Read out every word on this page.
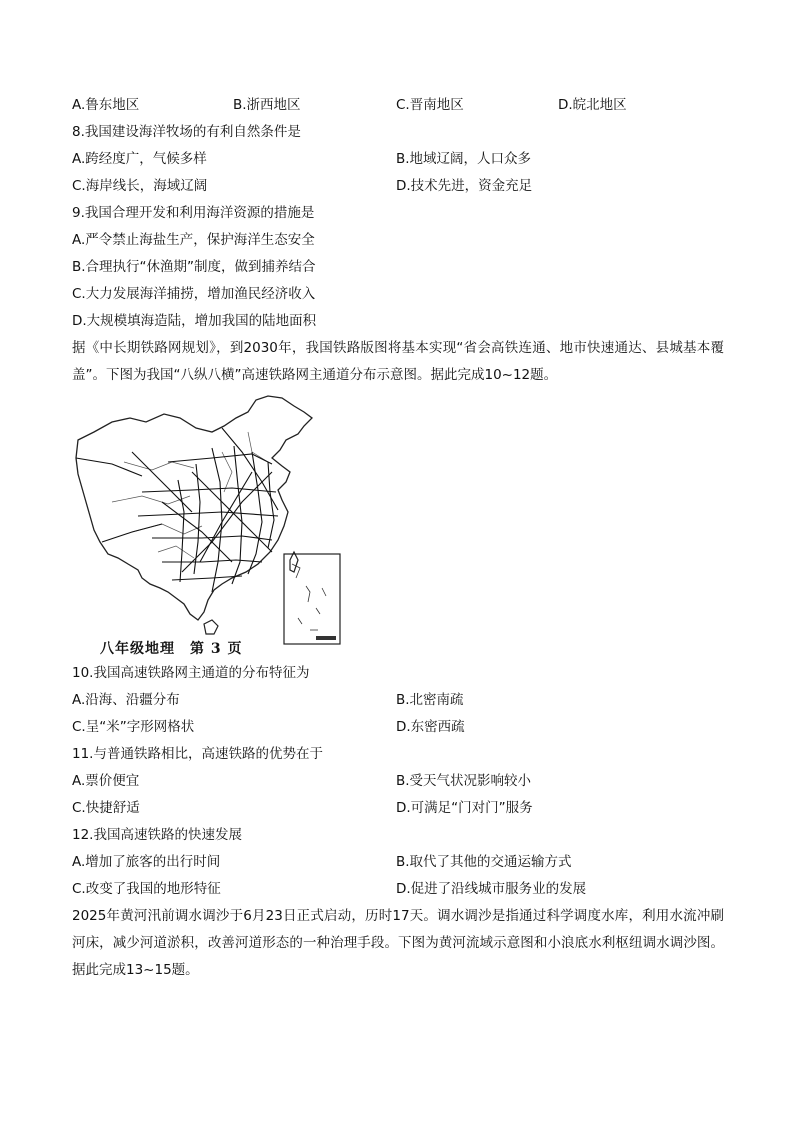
A.鲁东地区	B.浙西地区	C.晋南地区	D.皖北地区
8.我国建设海洋牧场的有利自然条件是
A.跨经度广，气候多样	B.地域辽阔，人口众多
C.海岸线长，海域辽阔	D.技术先进，资金充足
9.我国合理开发和利用海洋资源的措施是
A.严令禁止海盐生产，保护海洋生态安全
B.合理执行“休渔期”制度，做到捕养结合
C.大力发展海洋捕捞，增加渔民经济收入
D.大规模填海造陆，增加我国的陆地面积
据《中长期铁路网规划》，到2030年，我国铁路版图将基本实现“省会高铁连通、地市快速通达、县城基本覆盖”。下图为我国“八纵八横”高速铁路网主通道分布示意图。据此完成10~12题。
八年级地理　第 3 页
10.我国高速铁路网主通道的分布特征为
A.沿海、沿疆分布	B.北密南疏
C.呈“米”字形网格状	D.东密西疏
11.与普通铁路相比，高速铁路的优势在于
A.票价便宜	B.受天气状况影响较小
C.快捷舒适	D.可满足“门对门”服务
12.我国高速铁路的快速发展
A.增加了旅客的出行时间	B.取代了其他的交通运输方式
C.改变了我国的地形特征	D.促进了沿线城市服务业的发展
2025年黄河汛前调水调沙于6月23日正式启动，历时17天。调水调沙是指通过科学调度水库，利用水流冲刷河床，减少河道淤积，改善河道形态的一种治理手段。下图为黄河流域示意图和小浪底水利枢纽调水调沙图。据此完成13~15题。
